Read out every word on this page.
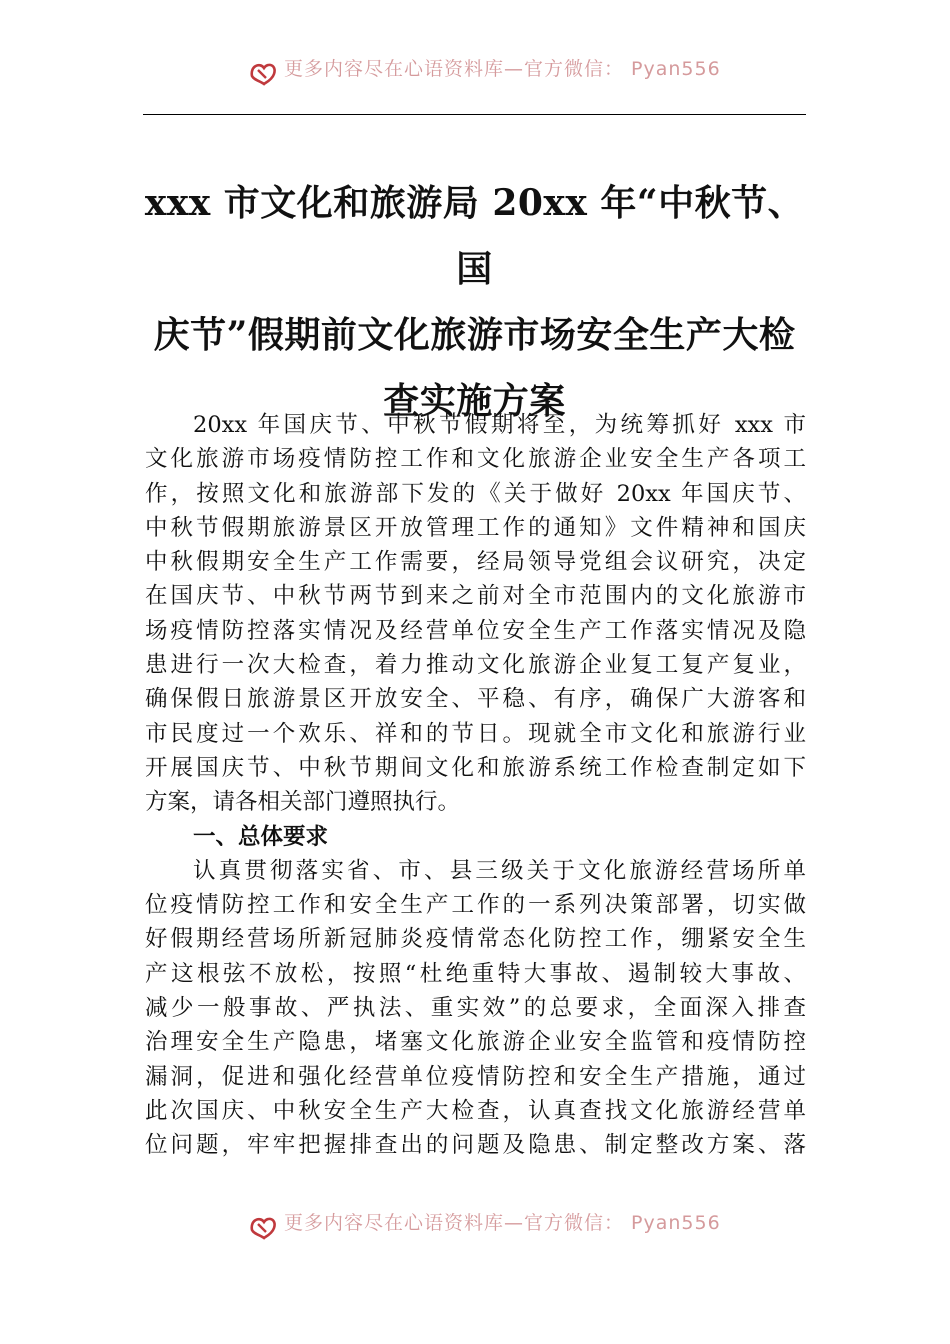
更多内容尽在心语资料库—官方微信： Pyan556
xxx 市文化和旅游局 20xx 年“中秋节、国
庆节”假期前文化旅游市场安全生产大检
查实施方案
20xx 年国庆节、中秋节假期将至，为统筹抓好 xxx 市
文化旅游市场疫情防控工作和文化旅游企业安全生产各项工
作，按照文化和旅游部下发的《关于做好 20xx 年国庆节、
中秋节假期旅游景区开放管理工作的通知》文件精神和国庆
中秋假期安全生产工作需要，经局领导党组会议研究，决定
在国庆节、中秋节两节到来之前对全市范围内的文化旅游市
场疫情防控落实情况及经营单位安全生产工作落实情况及隐
患进行一次大检查，着力推动文化旅游企业复工复产复业，
确保假日旅游景区开放安全、平稳、有序，确保广大游客和
市民度过一个欢乐、祥和的节日。现就全市文化和旅游行业
开展国庆节、中秋节期间文化和旅游系统工作检查制定如下
方案，请各相关部门遵照执行。
一、总体要求
认真贯彻落实省、市、县三级关于文化旅游经营场所单
位疫情防控工作和安全生产工作的一系列决策部署，切实做
好假期经营场所新冠肺炎疫情常态化防控工作，绷紧安全生
产这根弦不放松，按照“杜绝重特大事故、遏制较大事故、
减少一般事故、严执法、重实效”的总要求，全面深入排查
治理安全生产隐患，堵塞文化旅游企业安全监管和疫情防控
漏洞，促进和强化经营单位疫情防控和安全生产措施，通过
此次国庆、中秋安全生产大检查，认真查找文化旅游经营单
位问题，牢牢把握排查出的问题及隐患、制定整改方案、落
更多内容尽在心语资料库—官方微信： Pyan556
